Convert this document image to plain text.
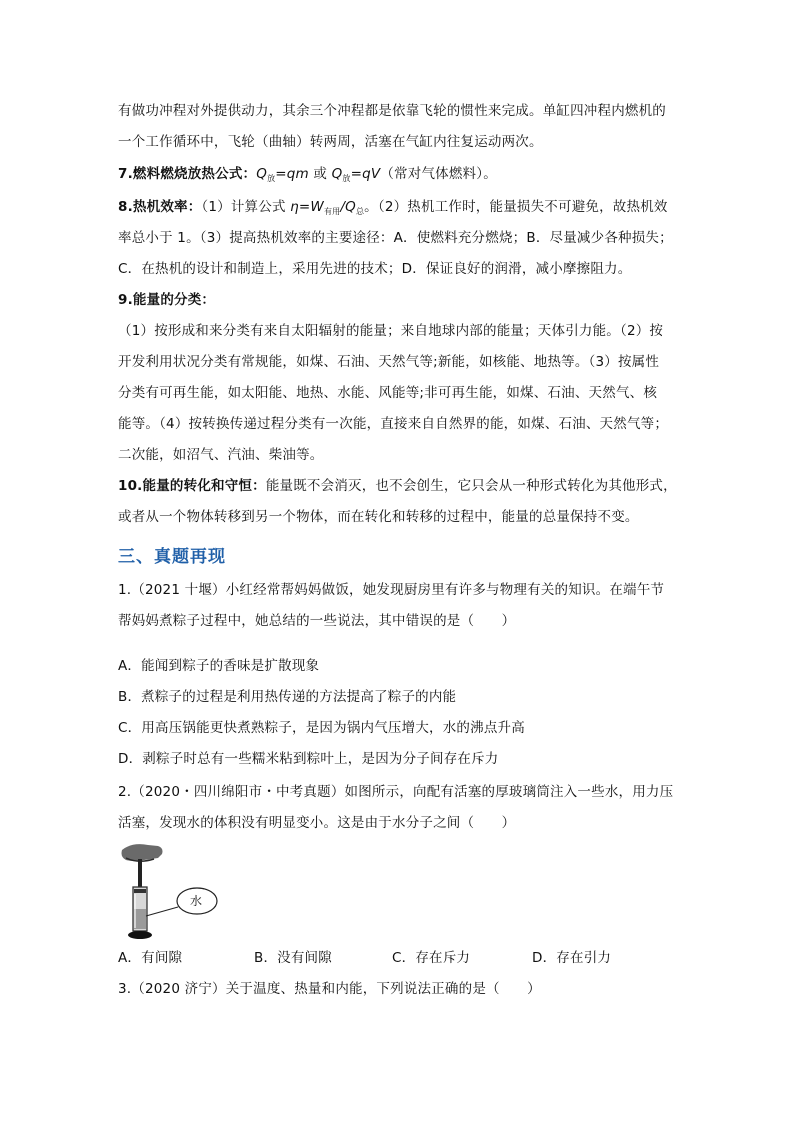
有做功冲程对外提供动力，其余三个冲程都是依靠飞轮的惯性来完成。单缸四冲程内燃机的
一个工作循环中，飞轮（曲轴）转两周，活塞在气缸内往复运动两次。
7.燃料燃烧放热公式：$Q_放=qm$ 或 $Q_放=qV$（常对气体燃料）。
8.热机效率：（1）计算公式 $\eta=W_{有用}/Q_总$。（2）热机工作时，能量损失不可避免，故热机效
率总小于 1。（3）提高热机效率的主要途径：A．使燃料充分燃烧；B．尽量减少各种损失；
C．在热机的设计和制造上，采用先进的技术；D．保证良好的润滑，减小摩擦阻力。
9.能量的分类：
（1）按形成和来分类有来自太阳辐射的能量；来自地球内部的能量；天体引力能。（2）按
开发利用状况分类有常规能，如煤、石油、天然气等;新能，如核能、地热等。（3）按属性
分类有可再生能，如太阳能、地热、水能、风能等;非可再生能，如煤、石油、天然气、核
能等。（4）按转换传递过程分类有一次能，直接来自自然界的能，如煤、石油、天然气等；
二次能，如沼气、汽油、柴油等。
10.能量的转化和守恒：能量既不会消灭，也不会创生，它只会从一种形式转化为其他形式，
或者从一个物体转移到另一个物体，而在转化和转移的过程中，能量的总量保持不变。
三、真题再现
1.（2021 十堰）小红经常帮妈妈做饭，她发现厨房里有许多与物理有关的知识。在端午节
帮妈妈煮粽子过程中，她总结的一些说法，其中错误的是（　　）
A．能闻到粽子的香味是扩散现象
B．煮粽子的过程是利用热传递的方法提高了粽子的内能
C．用高压锅能更快煮熟粽子，是因为锅内气压增大，水的沸点升高
D．剥粽子时总有一些糯米粘到粽叶上，是因为分子间存在斥力
2.（2020・四川绵阳市・中考真题）如图所示，向配有活塞的厚玻璃筒注入一些水，用力压
活塞，发现水的体积没有明显变小。这是由于水分子之间（　　）
水
A．有间隙	B．没有间隙	C．存在斥力	D．存在引力
3.（2020 济宁）关于温度、热量和内能，下列说法正确的是（　　）
